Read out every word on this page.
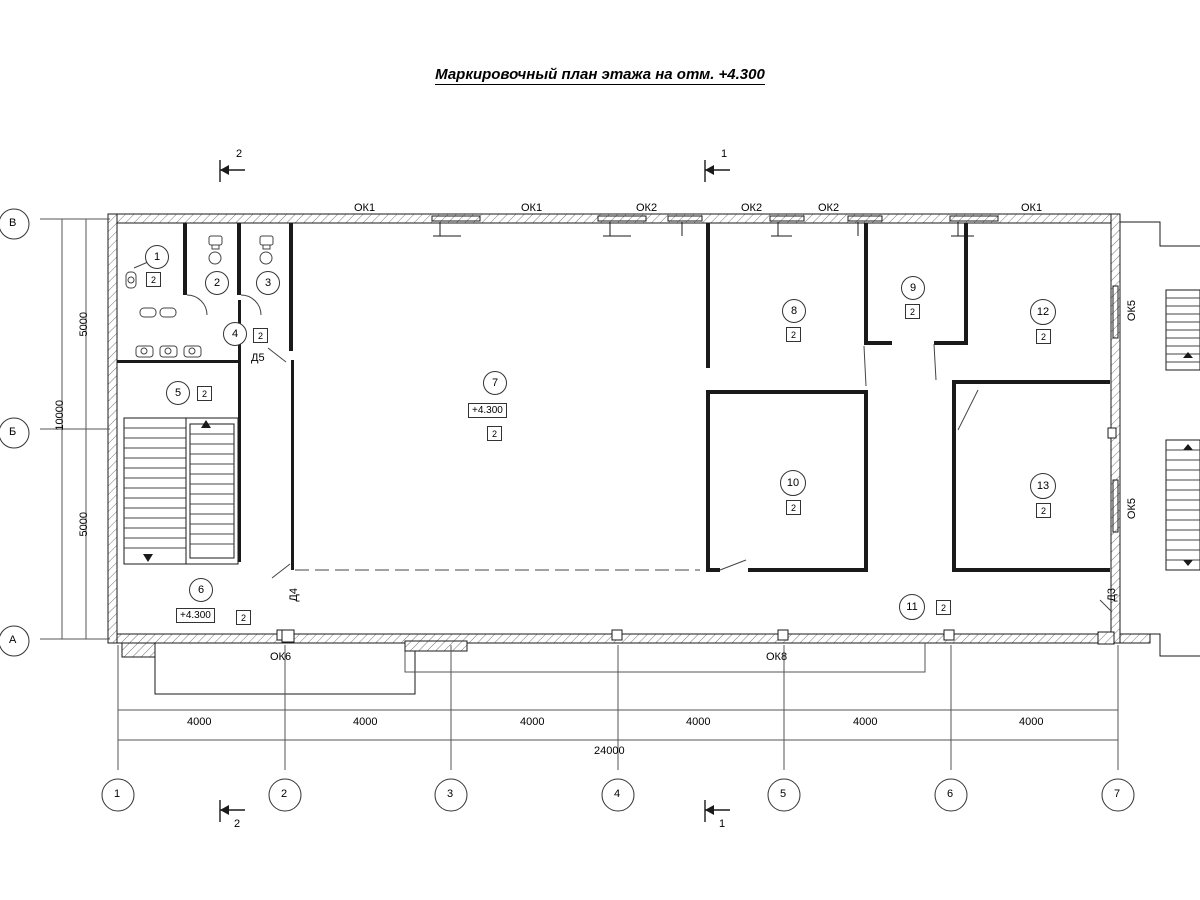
Маркировочный план этажа на отм. +4.300
ОК1	ОК1	ОК2	ОК2	ОК2	ОК1
ОК5
ОК5
ОК6	ОК8
Д5
Д4	Д3
1
2	2	3
4	2
5	2
6
+4.300	2
7
+4.300
2
8
2
9
2
10
2
11	2
12
2
13
2
4000	4000	4000	4000	4000	4000
24000
5000
5000
10000
1	2	3	4	5	6	7
В
Б
А
2	1
2	1
